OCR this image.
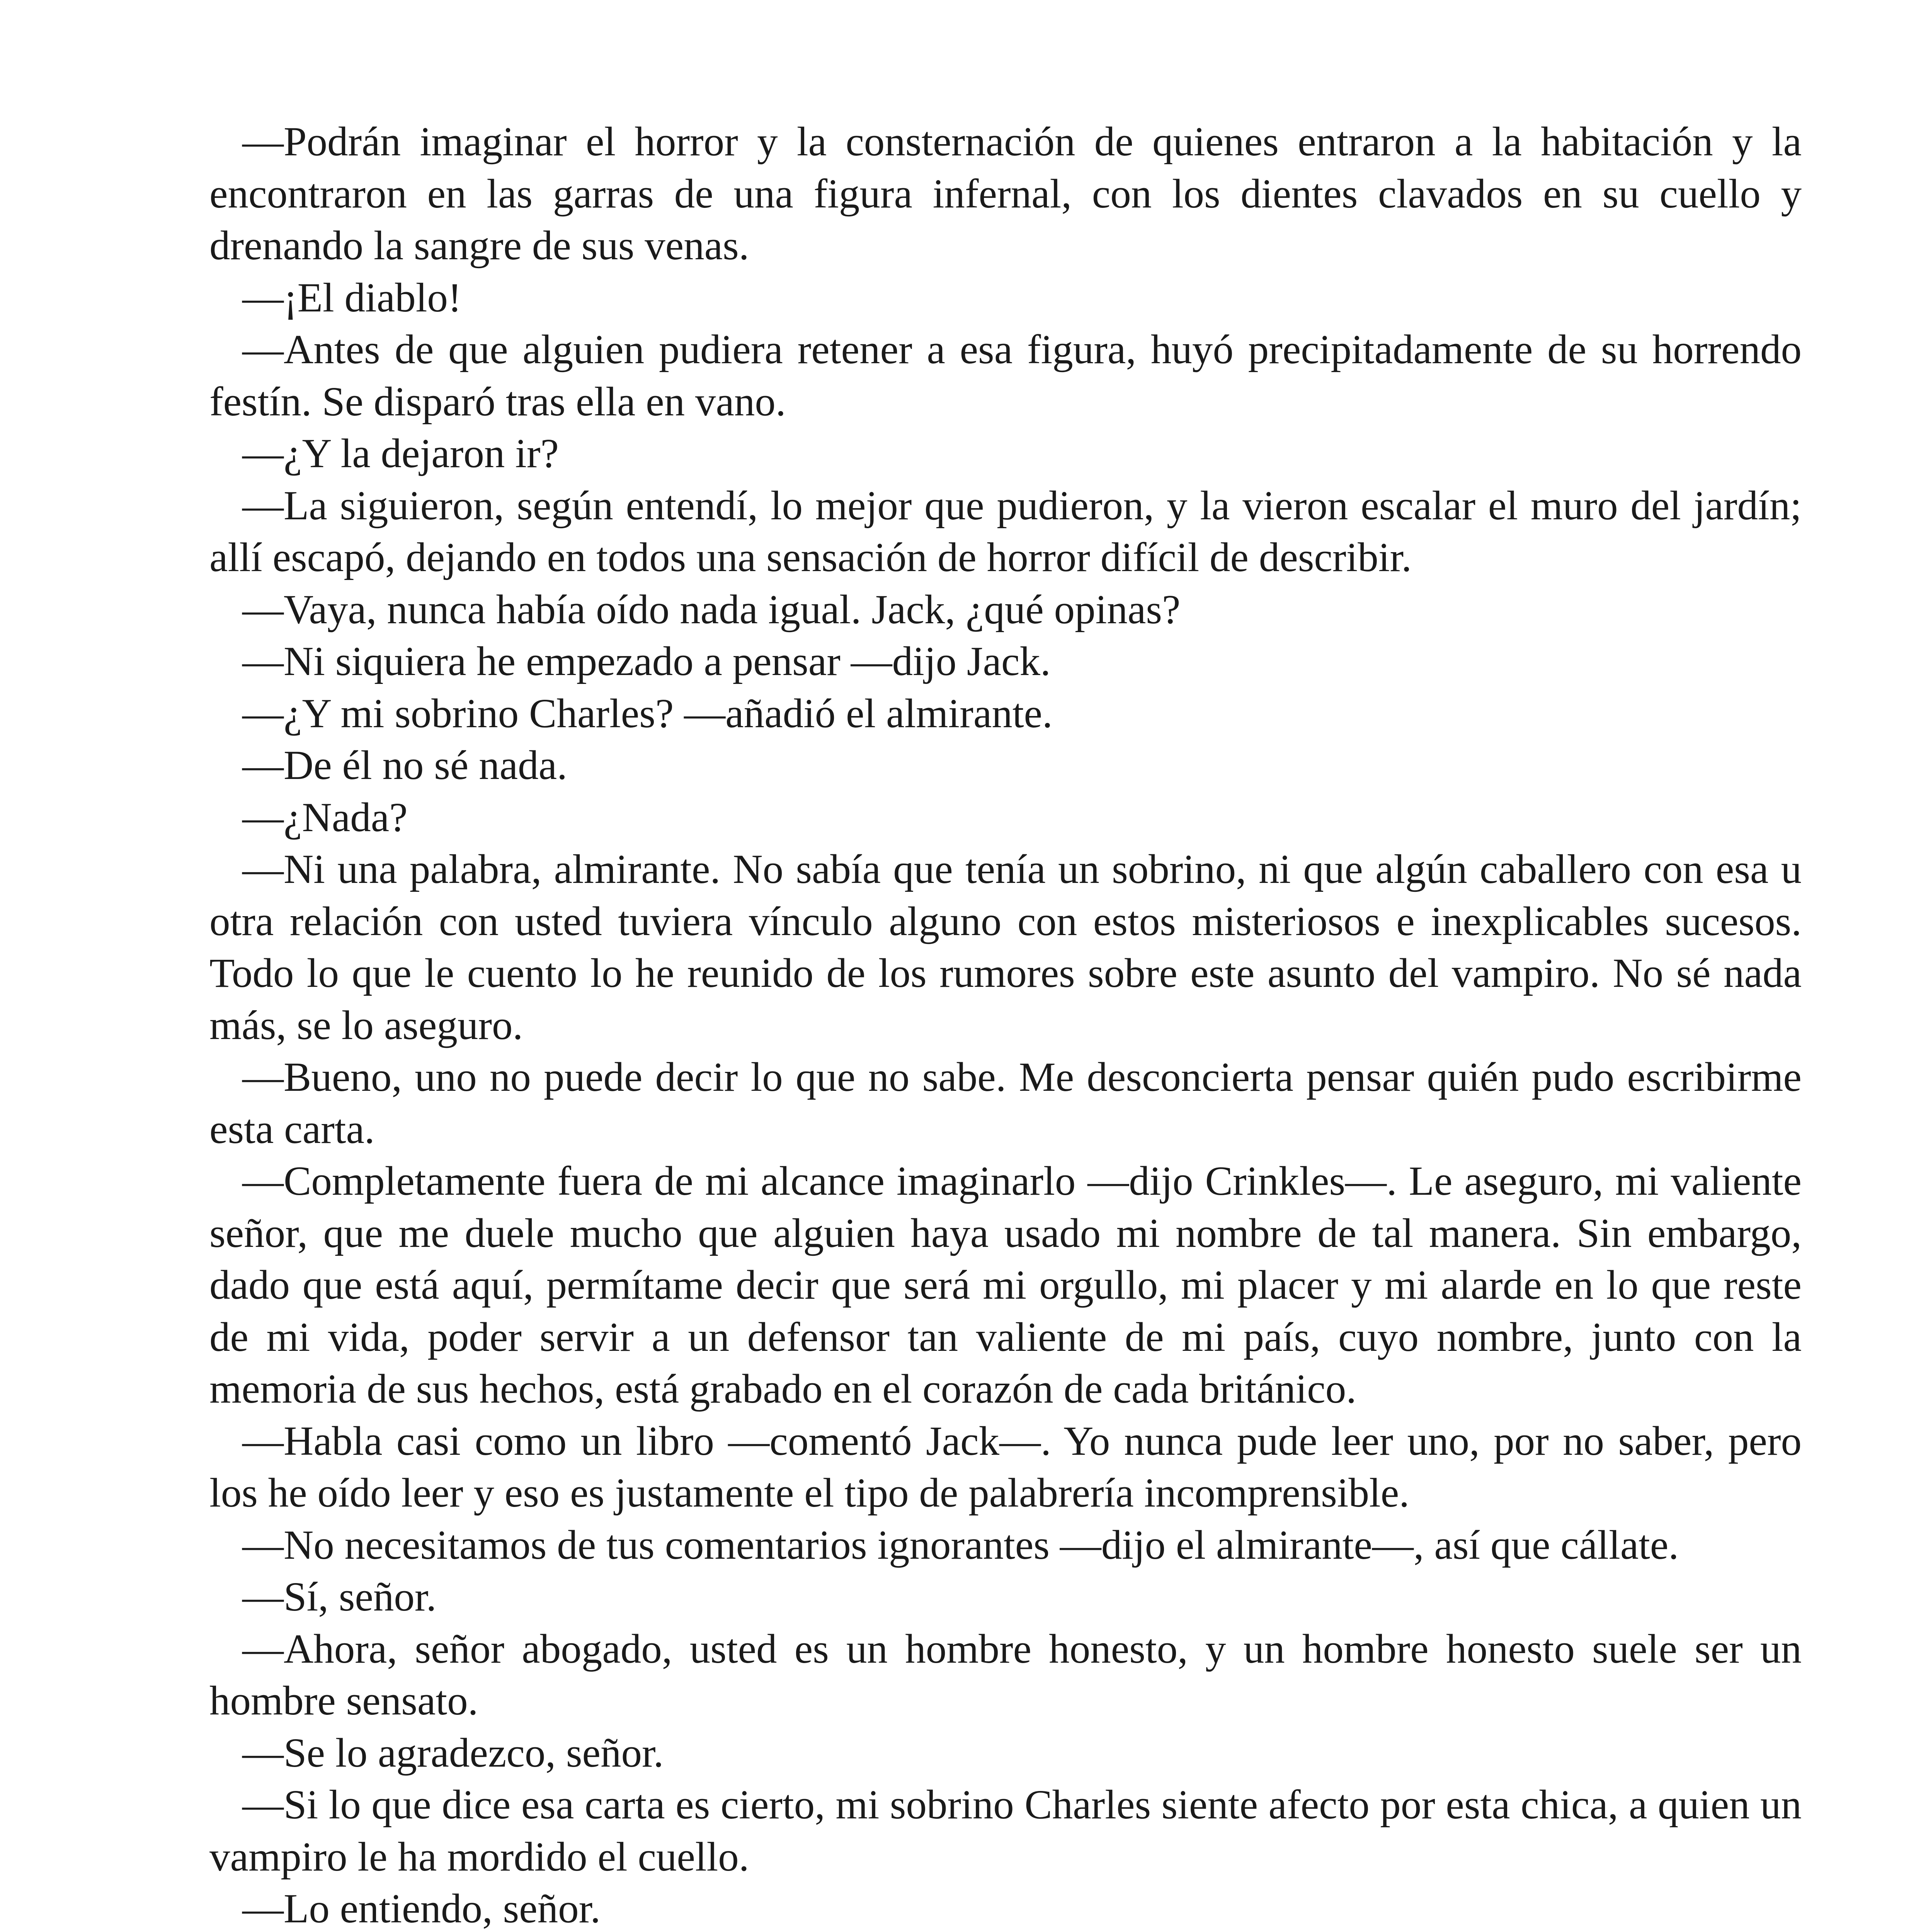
—Podrán imaginar el horror y la consternación de quienes entraron a la habitación y la encontraron en las garras de una figura infernal, con los dientes clavados en su cuello y drenando la sangre de sus venas.

—¡El diablo!

—Antes de que alguien pudiera retener a esa figura, huyó precipitadamente de su horrendo festín. Se disparó tras ella en vano.

—¿Y la dejaron ir?

—La siguieron, según entendí, lo mejor que pudieron, y la vieron escalar el muro del jardín; allí escapó, dejando en todos una sensación de horror difícil de describir.

—Vaya, nunca había oído nada igual. Jack, ¿qué opinas?

—Ni siquiera he empezado a pensar —dijo Jack.

—¿Y mi sobrino Charles? —añadió el almirante.

—De él no sé nada.

—¿Nada?

—Ni una palabra, almirante. No sabía que tenía un sobrino, ni que algún caballero con esa u otra relación con usted tuviera vínculo alguno con estos misteriosos e inexplicables sucesos. Todo lo que le cuento lo he reunido de los rumores sobre este asunto del vampiro. No sé nada más, se lo aseguro.

—Bueno, uno no puede decir lo que no sabe. Me desconcierta pensar quién pudo escribirme esta carta.

—Completamente fuera de mi alcance imaginarlo —dijo Crinkles—. Le aseguro, mi valiente señor, que me duele mucho que alguien haya usado mi nombre de tal manera. Sin embargo, dado que está aquí, permítame decir que será mi orgullo, mi placer y mi alarde en lo que reste de mi vida, poder servir a un defensor tan valiente de mi país, cuyo nombre, junto con la memoria de sus hechos, está grabado en el corazón de cada británico.

—Habla casi como un libro —comentó Jack—. Yo nunca pude leer uno, por no saber, pero los he oído leer y eso es justamente el tipo de palabrería incomprensible.

—No necesitamos de tus comentarios ignorantes —dijo el almirante—, así que cállate.

—Sí, señor.

—Ahora, señor abogado, usted es un hombre honesto, y un hombre honesto suele ser un hombre sensato.

—Se lo agradezco, señor.

—Si lo que dice esa carta es cierto, mi sobrino Charles siente afecto por esta chica, a quien un vampiro le ha mordido el cuello.

—Lo entiendo, señor.
